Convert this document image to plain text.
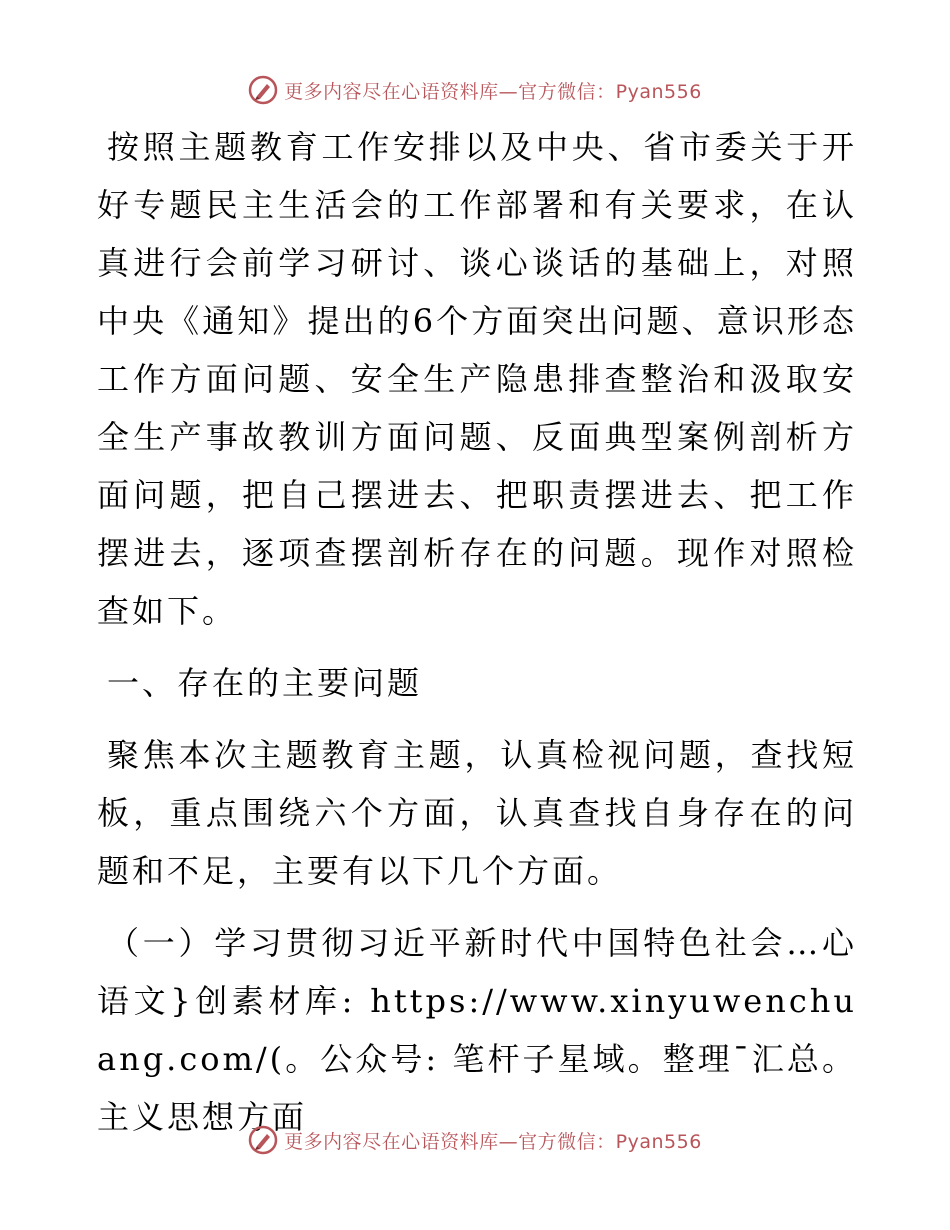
更多内容尽在心语资料库—官方微信：Pyan556

按照主题教育工作安排以及中央、省市委关于开好专题民主生活会的工作部署和有关要求，在认真进行会前学习研讨、谈心谈话的基础上，对照中央《通知》提出的6个方面突出问题、意识形态工作方面问题、安全生产隐患排查整治和汲取安全生产事故教训方面问题、反面典型案例剖析方面问题，把自己摆进去、把职责摆进去、把工作摆进去，逐项查摆剖析存在的问题。现作对照检查如下。

一、存在的主要问题

聚焦本次主题教育主题，认真检视问题，查找短板，重点围绕六个方面，认真查找自身存在的问题和不足，主要有以下几个方面。

（一）学习贯彻习近平新时代中国特色社会…心语文}创素材库: https://www.xinyuwenchuang.com/(。公众号: 笔杆子星域。整理¯汇总。主义思想方面

更多内容尽在心语资料库—官方微信：Pyan556
